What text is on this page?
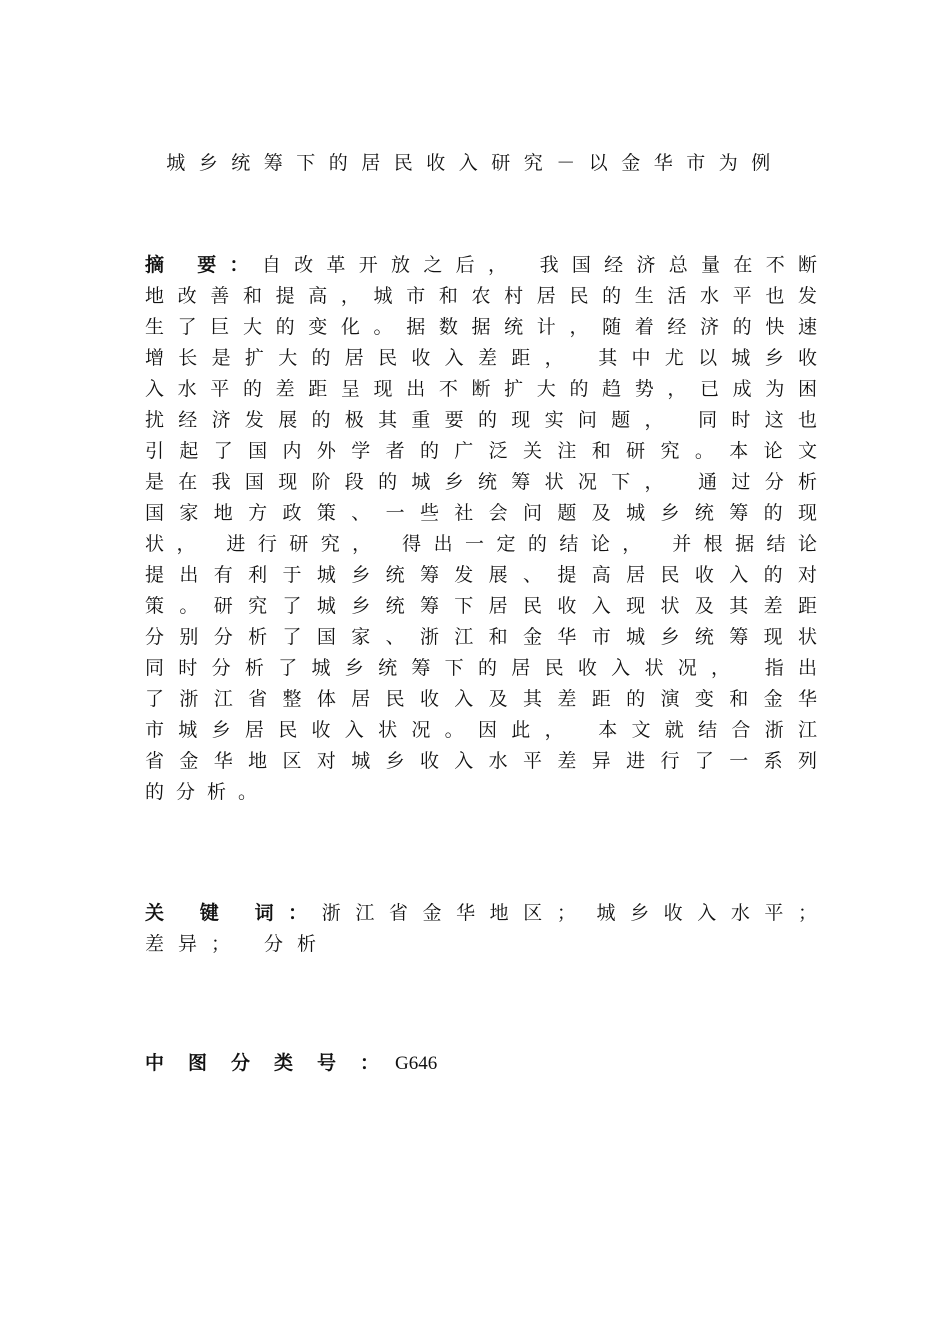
城乡统筹下的居民收入研究－以金华市为例
摘 要：自改革开放之后， 我国经济总量在不断
地改善和提高，城市和农村居民的生活水平也发
生了巨大的变化。据数据统计，随着经济的快速
增长是扩大的居民收入差距， 其中尤以城乡收
入水平的差距呈现出不断扩大的趋势，已成为困
扰经济发展的极其重要的现实问题， 同时这也
引起了国内外学者的广泛关注和研究。本论文
是在我国现阶段的城乡统筹状况下， 通过分析
国家地方政策、一些社会问题及城乡统筹的现
状， 进行研究， 得出一定的结论， 并根据结论
提出有利于城乡统筹发展、提高居民收入的对
策。研究了城乡统筹下居民收入现状及其差距
分别分析了国家、浙江和金华市城乡统筹现状
同时分析了城乡统筹下的居民收入状况， 指出
了浙江省整体居民收入及其差距的演变和金华
市城乡居民收入状况。因此， 本文就结合浙江
省金华地区对城乡收入水平差异进行了一系列
的分析。
关 键 词：浙江省金华地区； 城乡收入水平；
差异； 分析
中图分类号：G646
